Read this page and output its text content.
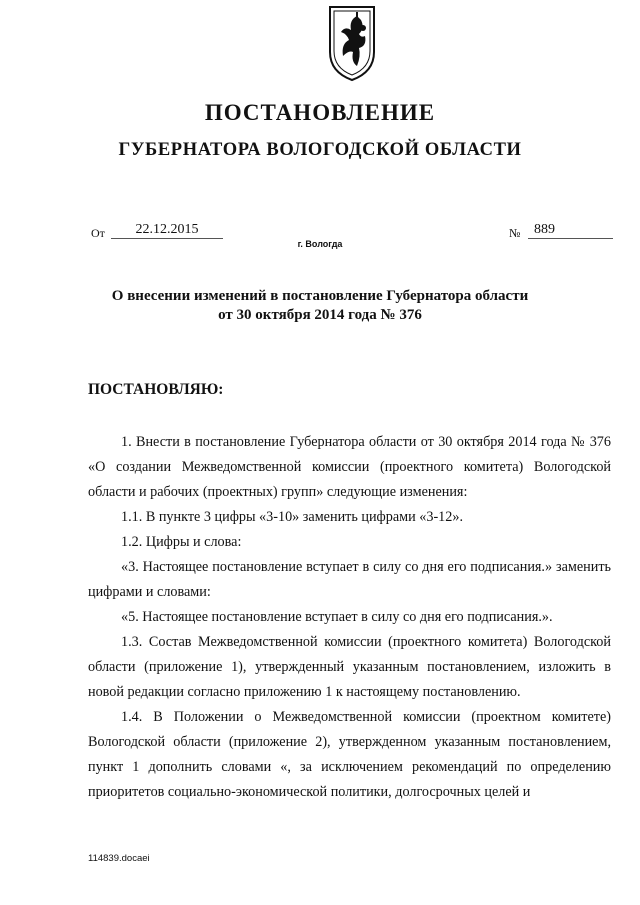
ПОСТАНОВЛЕНИЕ
ГУБЕРНАТОРА ВОЛОГОДСКОЙ ОБЛАСТИ
От	22.12.2015	№ 889
г. Вологда
О внесении изменений в постановление Губернатора области
от 30 октября 2014 года № 376
ПОСТАНОВЛЯЮ:

1. Внести в постановление Губернатора области от 30 октября 2014 года № 376 «О создании Межведомственной комиссии (проектного комитета) Вологодской области и рабочих (проектных) групп» следующие изменения:

1.1. В пункте 3 цифры «3-10» заменить цифрами «3-12».

1.2. Цифры и слова:

«3. Настоящее постановление вступает в силу со дня его подписания.» заменить цифрами и словами:

«5. Настоящее постановление вступает в силу со дня его подписания.».

1.3. Состав Межведомственной комиссии (проектного комитета) Вологодской области (приложение 1), утвержденный указанным постановлением, изложить в новой редакции согласно приложению 1 к настоящему постановлению.

1.4. В Положении о Межведомственной комиссии (проектном комитете) Вологодской области (приложение 2), утвержденном указанным постановлением, пункт 1 дополнить словами «, за исключением рекомендаций по определению приоритетов социально-экономической политики, долгосрочных целей и

114839.docaei
